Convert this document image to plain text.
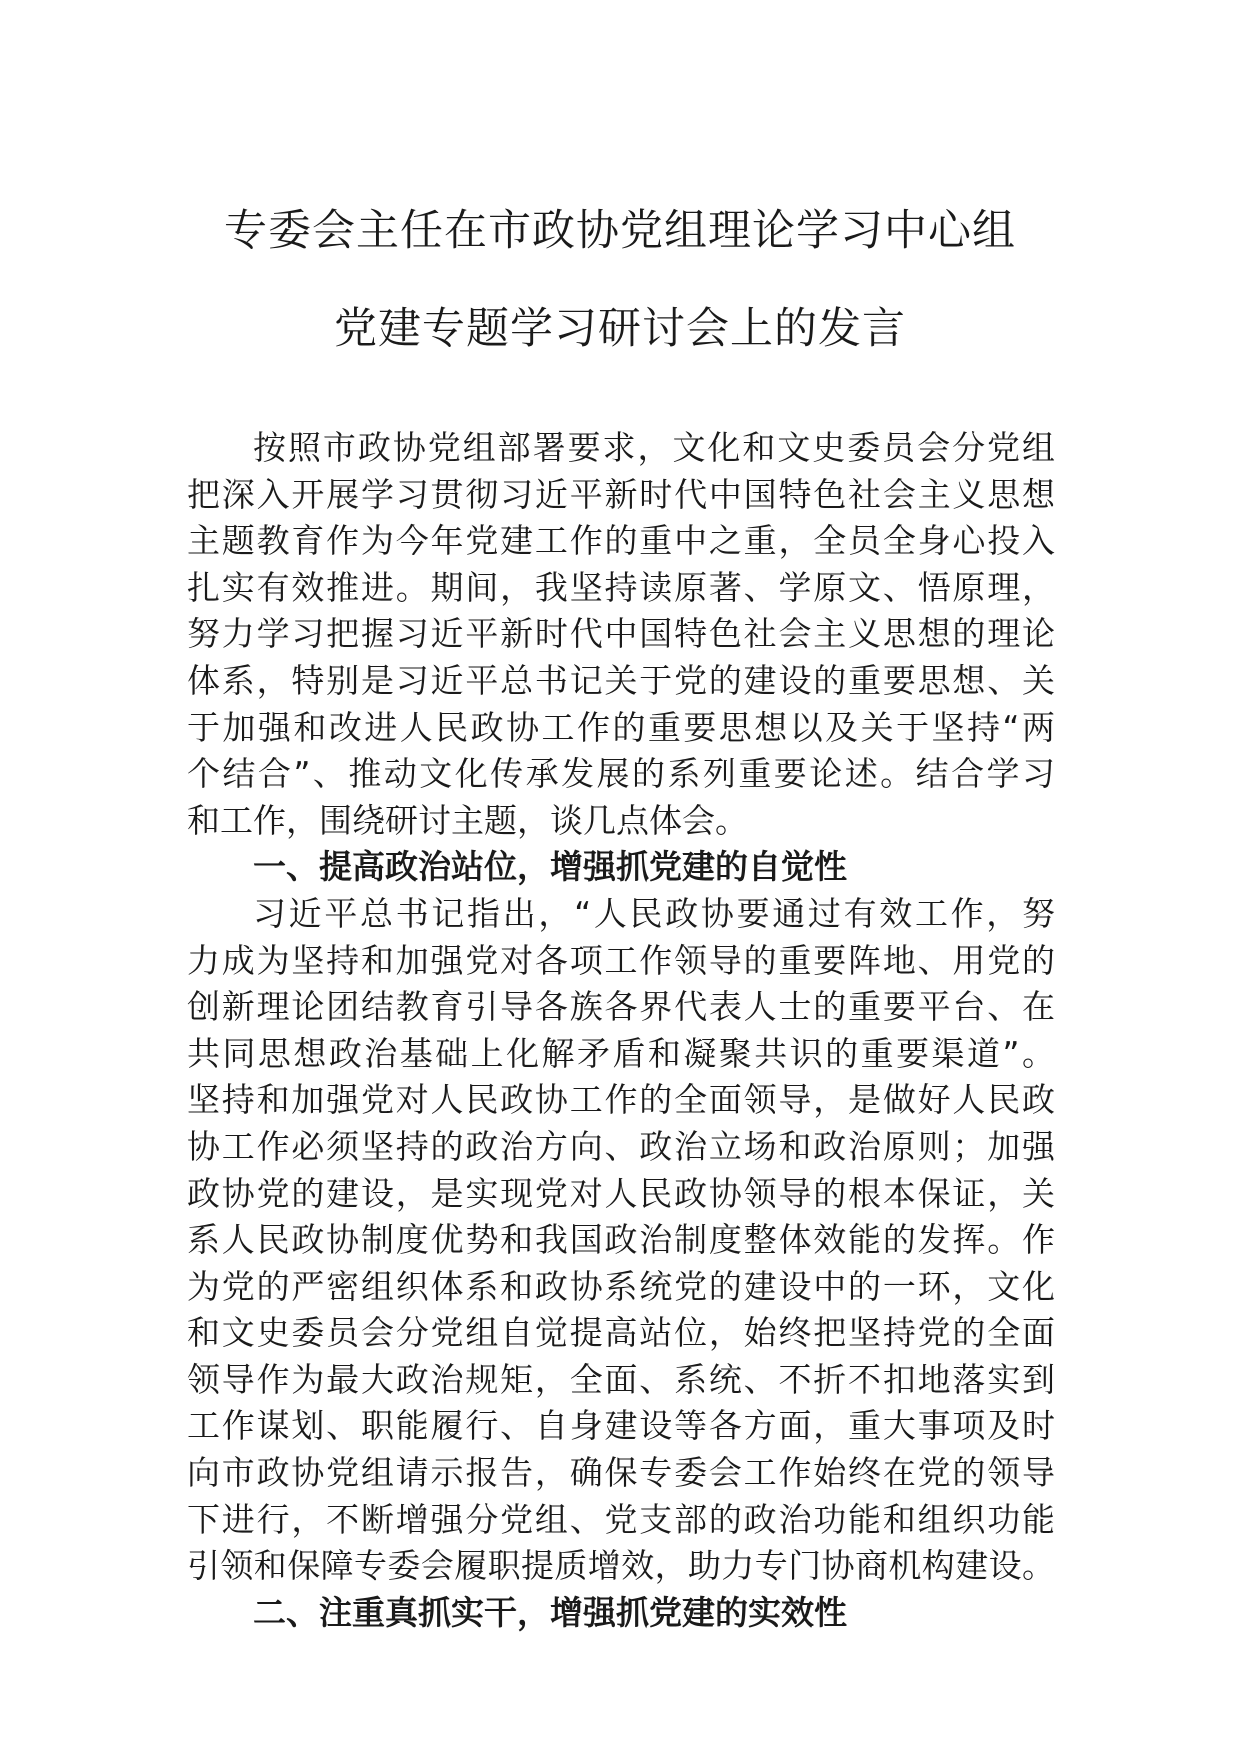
专委会主任在市政协党组理论学习中心组
党建专题学习研讨会上的发言
按照市政协党组部署要求，文化和文史委员会分党组
把深入开展学习贯彻习近平新时代中国特色社会主义思想
主题教育作为今年党建工作的重中之重，全员全身心投入
扎实有效推进。期间，我坚持读原著、学原文、悟原理，
努力学习把握习近平新时代中国特色社会主义思想的理论
体系，特别是习近平总书记关于党的建设的重要思想、关
于加强和改进人民政协工作的重要思想以及关于坚持“两
个结合”、推动文化传承发展的系列重要论述。结合学习
和工作，围绕研讨主题，谈几点体会。
一、提高政治站位，增强抓党建的自觉性
习近平总书记指出，“人民政协要通过有效工作，努
力成为坚持和加强党对各项工作领导的重要阵地、用党的
创新理论团结教育引导各族各界代表人士的重要平台、在
共同思想政治基础上化解矛盾和凝聚共识的重要渠道”。
坚持和加强党对人民政协工作的全面领导，是做好人民政
协工作必须坚持的政治方向、政治立场和政治原则；加强
政协党的建设，是实现党对人民政协领导的根本保证，关
系人民政协制度优势和我国政治制度整体效能的发挥。作
为党的严密组织体系和政协系统党的建设中的一环，文化
和文史委员会分党组自觉提高站位，始终把坚持党的全面
领导作为最大政治规矩，全面、系统、不折不扣地落实到
工作谋划、职能履行、自身建设等各方面，重大事项及时
向市政协党组请示报告，确保专委会工作始终在党的领导
下进行，不断增强分党组、党支部的政治功能和组织功能
引领和保障专委会履职提质增效，助力专门协商机构建设。
二、注重真抓实干，增强抓党建的实效性
